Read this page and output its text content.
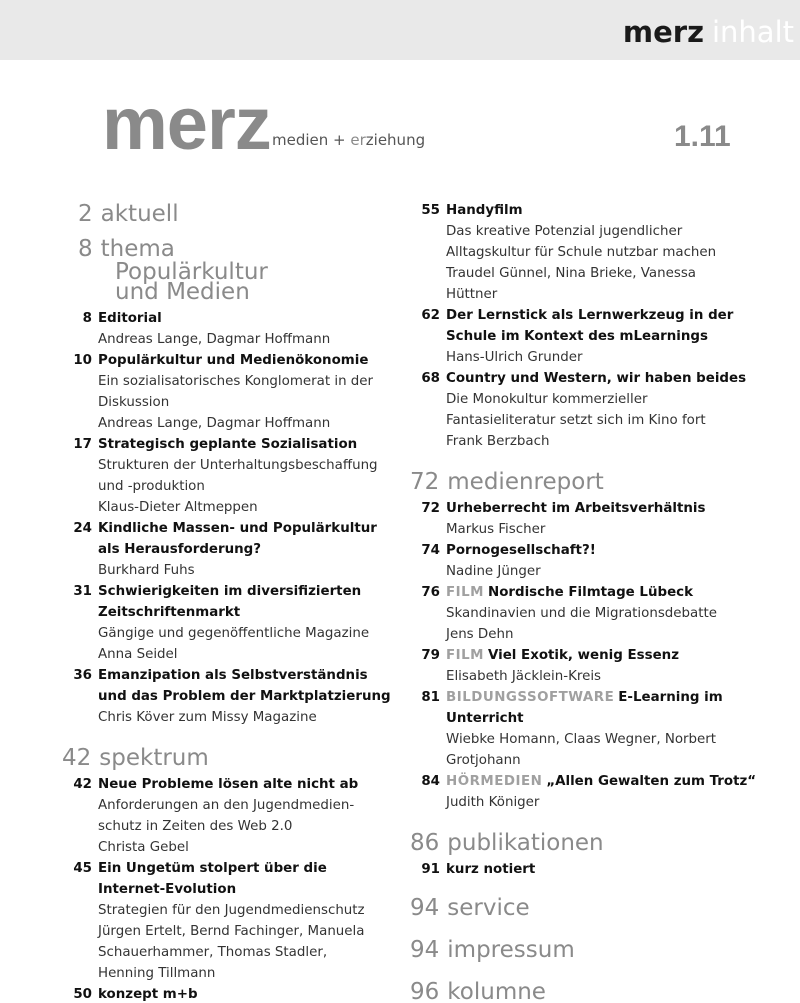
merz inhalt
merz medien + erziehung	1.11
2 aktuell
8 thema
Populärkultur
und Medien
8 Editorial
Andreas Lange, Dagmar Hoffmann
10 Populärkultur und Medienökonomie
Ein sozialisatorisches Konglomerat in der
Diskussion
Andreas Lange, Dagmar Hoffmann
17 Strategisch geplante Sozialisation
Strukturen der Unterhaltungsbeschaffung
und -produktion
Klaus-Dieter Altmeppen
24 Kindliche Massen- und Populärkultur
als Herausforderung?
Burkhard Fuhs
31 Schwierigkeiten im diversifizierten
Zeitschriftenmarkt
Gängige und gegenöffentliche Magazine
Anna Seidel
36 Emanzipation als Selbstverständnis
und das Problem der Marktplatzierung
Chris Köver zum Missy Magazine
42 spektrum
42 Neue Probleme lösen alte nicht ab
Anforderungen an den Jugendmedien-
schutz in Zeiten des Web 2.0
Christa Gebel
45 Ein Ungetüm stolpert über die
Internet-Evolution
Strategien für den Jugendmedienschutz
Jürgen Ertelt, Bernd Fachinger, Manuela
Schauerhammer, Thomas Stadler,
Henning Tillmann
50 konzept m+b
55 Handyfilm
Das kreative Potenzial jugendlicher
Alltagskultur für Schule nutzbar machen
Traudel Günnel, Nina Brieke, Vanessa
Hüttner
62 Der Lernstick als Lernwerkzeug in der
Schule im Kontext des mLearnings
Hans-Ulrich Grunder
68 Country und Western, wir haben beides
Die Monokultur kommerzieller
Fantasieliteratur setzt sich im Kino fort
Frank Berzbach
72 medienreport
72 Urheberrecht im Arbeitsverhältnis
Markus Fischer
74 Pornogesellschaft?!
Nadine Jünger
76 FILM Nordische Filmtage Lübeck
Skandinavien und die Migrationsdebatte
Jens Dehn
79 FILM Viel Exotik, wenig Essenz
Elisabeth Jäcklein-Kreis
81 BILDUNGSSOFTWARE E-Learning im
Unterricht
Wiebke Homann, Claas Wegner, Norbert
Grotjohann
84 HÖRMEDIEN „Allen Gewalten zum Trotz“
Judith Königer
86 publikationen
91 kurz notiert
94 service
94 impressum
96 kolumne
